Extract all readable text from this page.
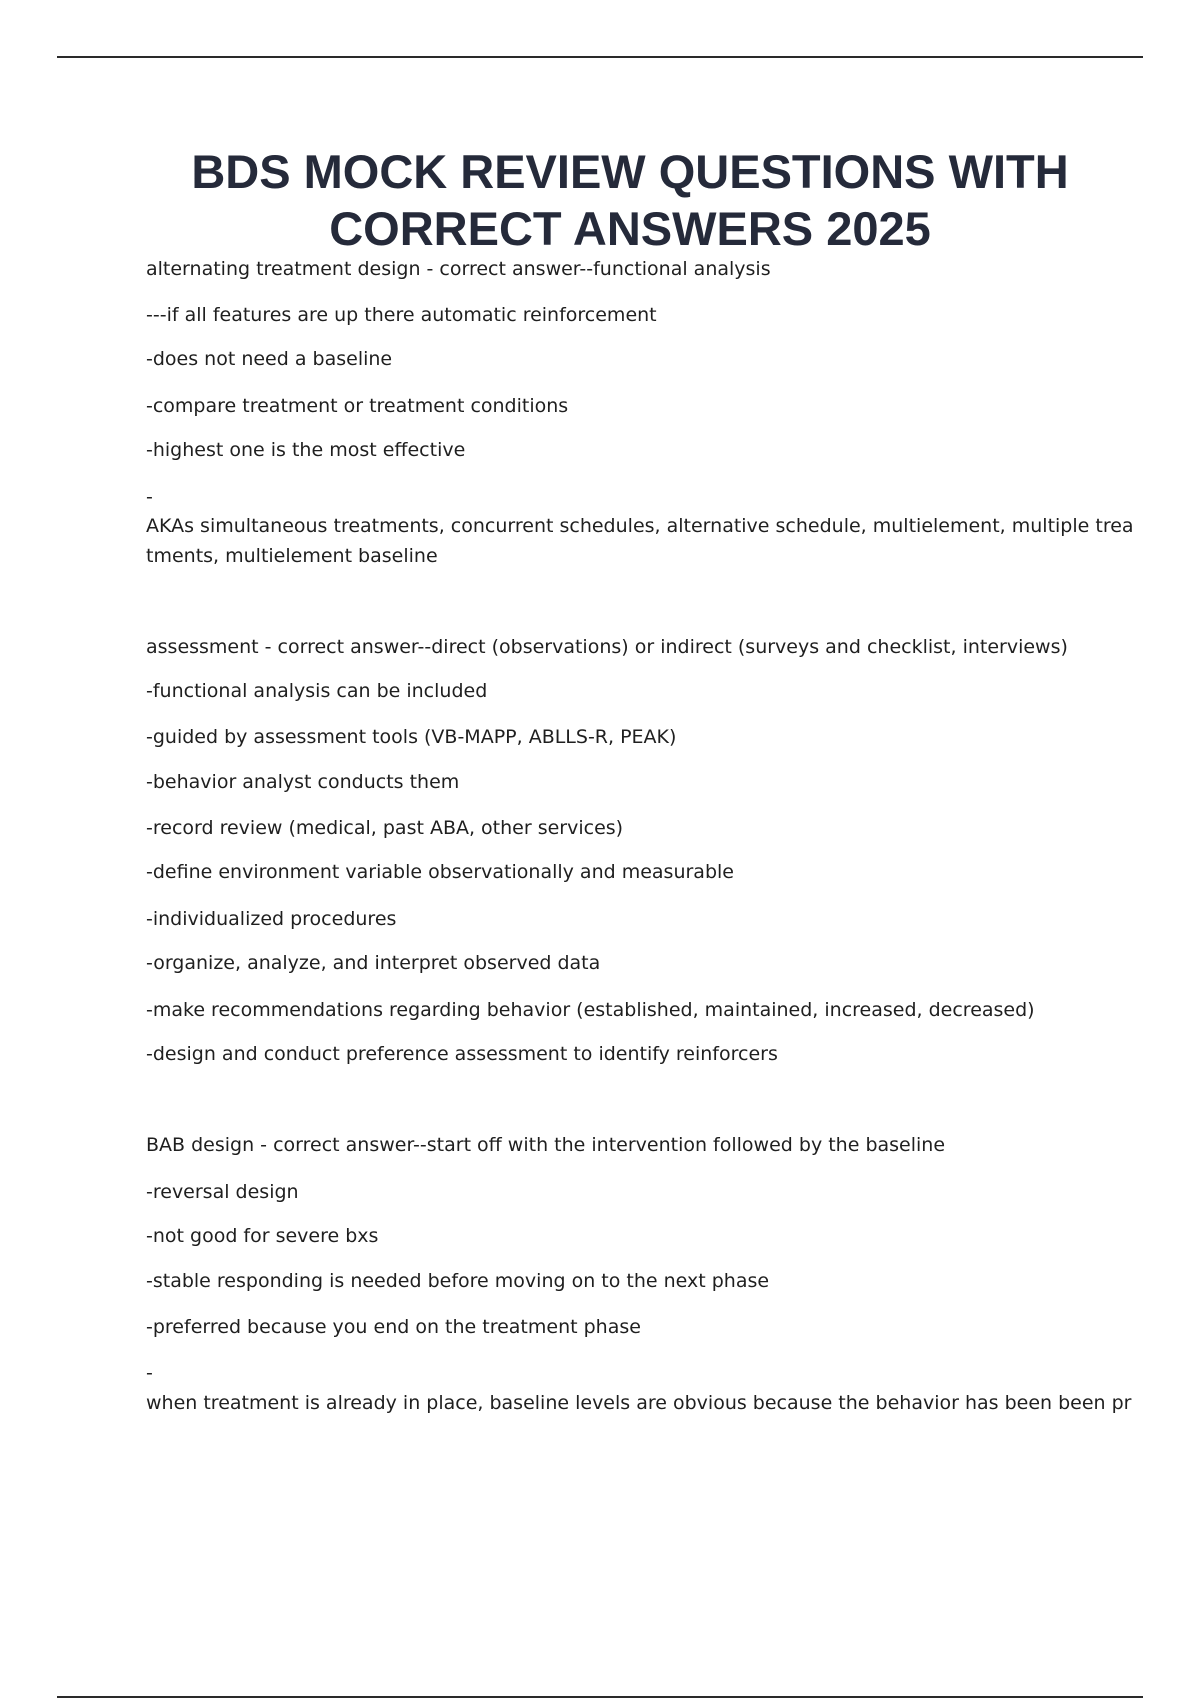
BDS MOCK REVIEW QUESTIONS WITH
CORRECT ANSWERS 2025

alternating treatment design - correct answer--functional analysis

---if all features are up there automatic reinforcement

-does not need a baseline

-compare treatment or treatment conditions

-highest one is the most effective

-

AKAs simultaneous treatments, concurrent schedules, alternative schedule, multielement, multiple trea

tments, multielement baseline

assessment - correct answer--direct (observations) or indirect (surveys and checklist, interviews)

-functional analysis can be included

-guided by assessment tools (VB-MAPP, ABLLS-R, PEAK)

-behavior analyst conducts them

-record review (medical, past ABA, other services)

-define environment variable observationally and measurable

-individualized procedures

-organize, analyze, and interpret observed data

-make recommendations regarding behavior (established, maintained, increased, decreased)

-design and conduct preference assessment to identify reinforcers

BAB design - correct answer--start off with the intervention followed by the baseline

-reversal design

-not good for severe bxs

-stable responding is needed before moving on to the next phase

-preferred because you end on the treatment phase

-

when treatment is already in place, baseline levels are obvious because the behavior has been been pr
